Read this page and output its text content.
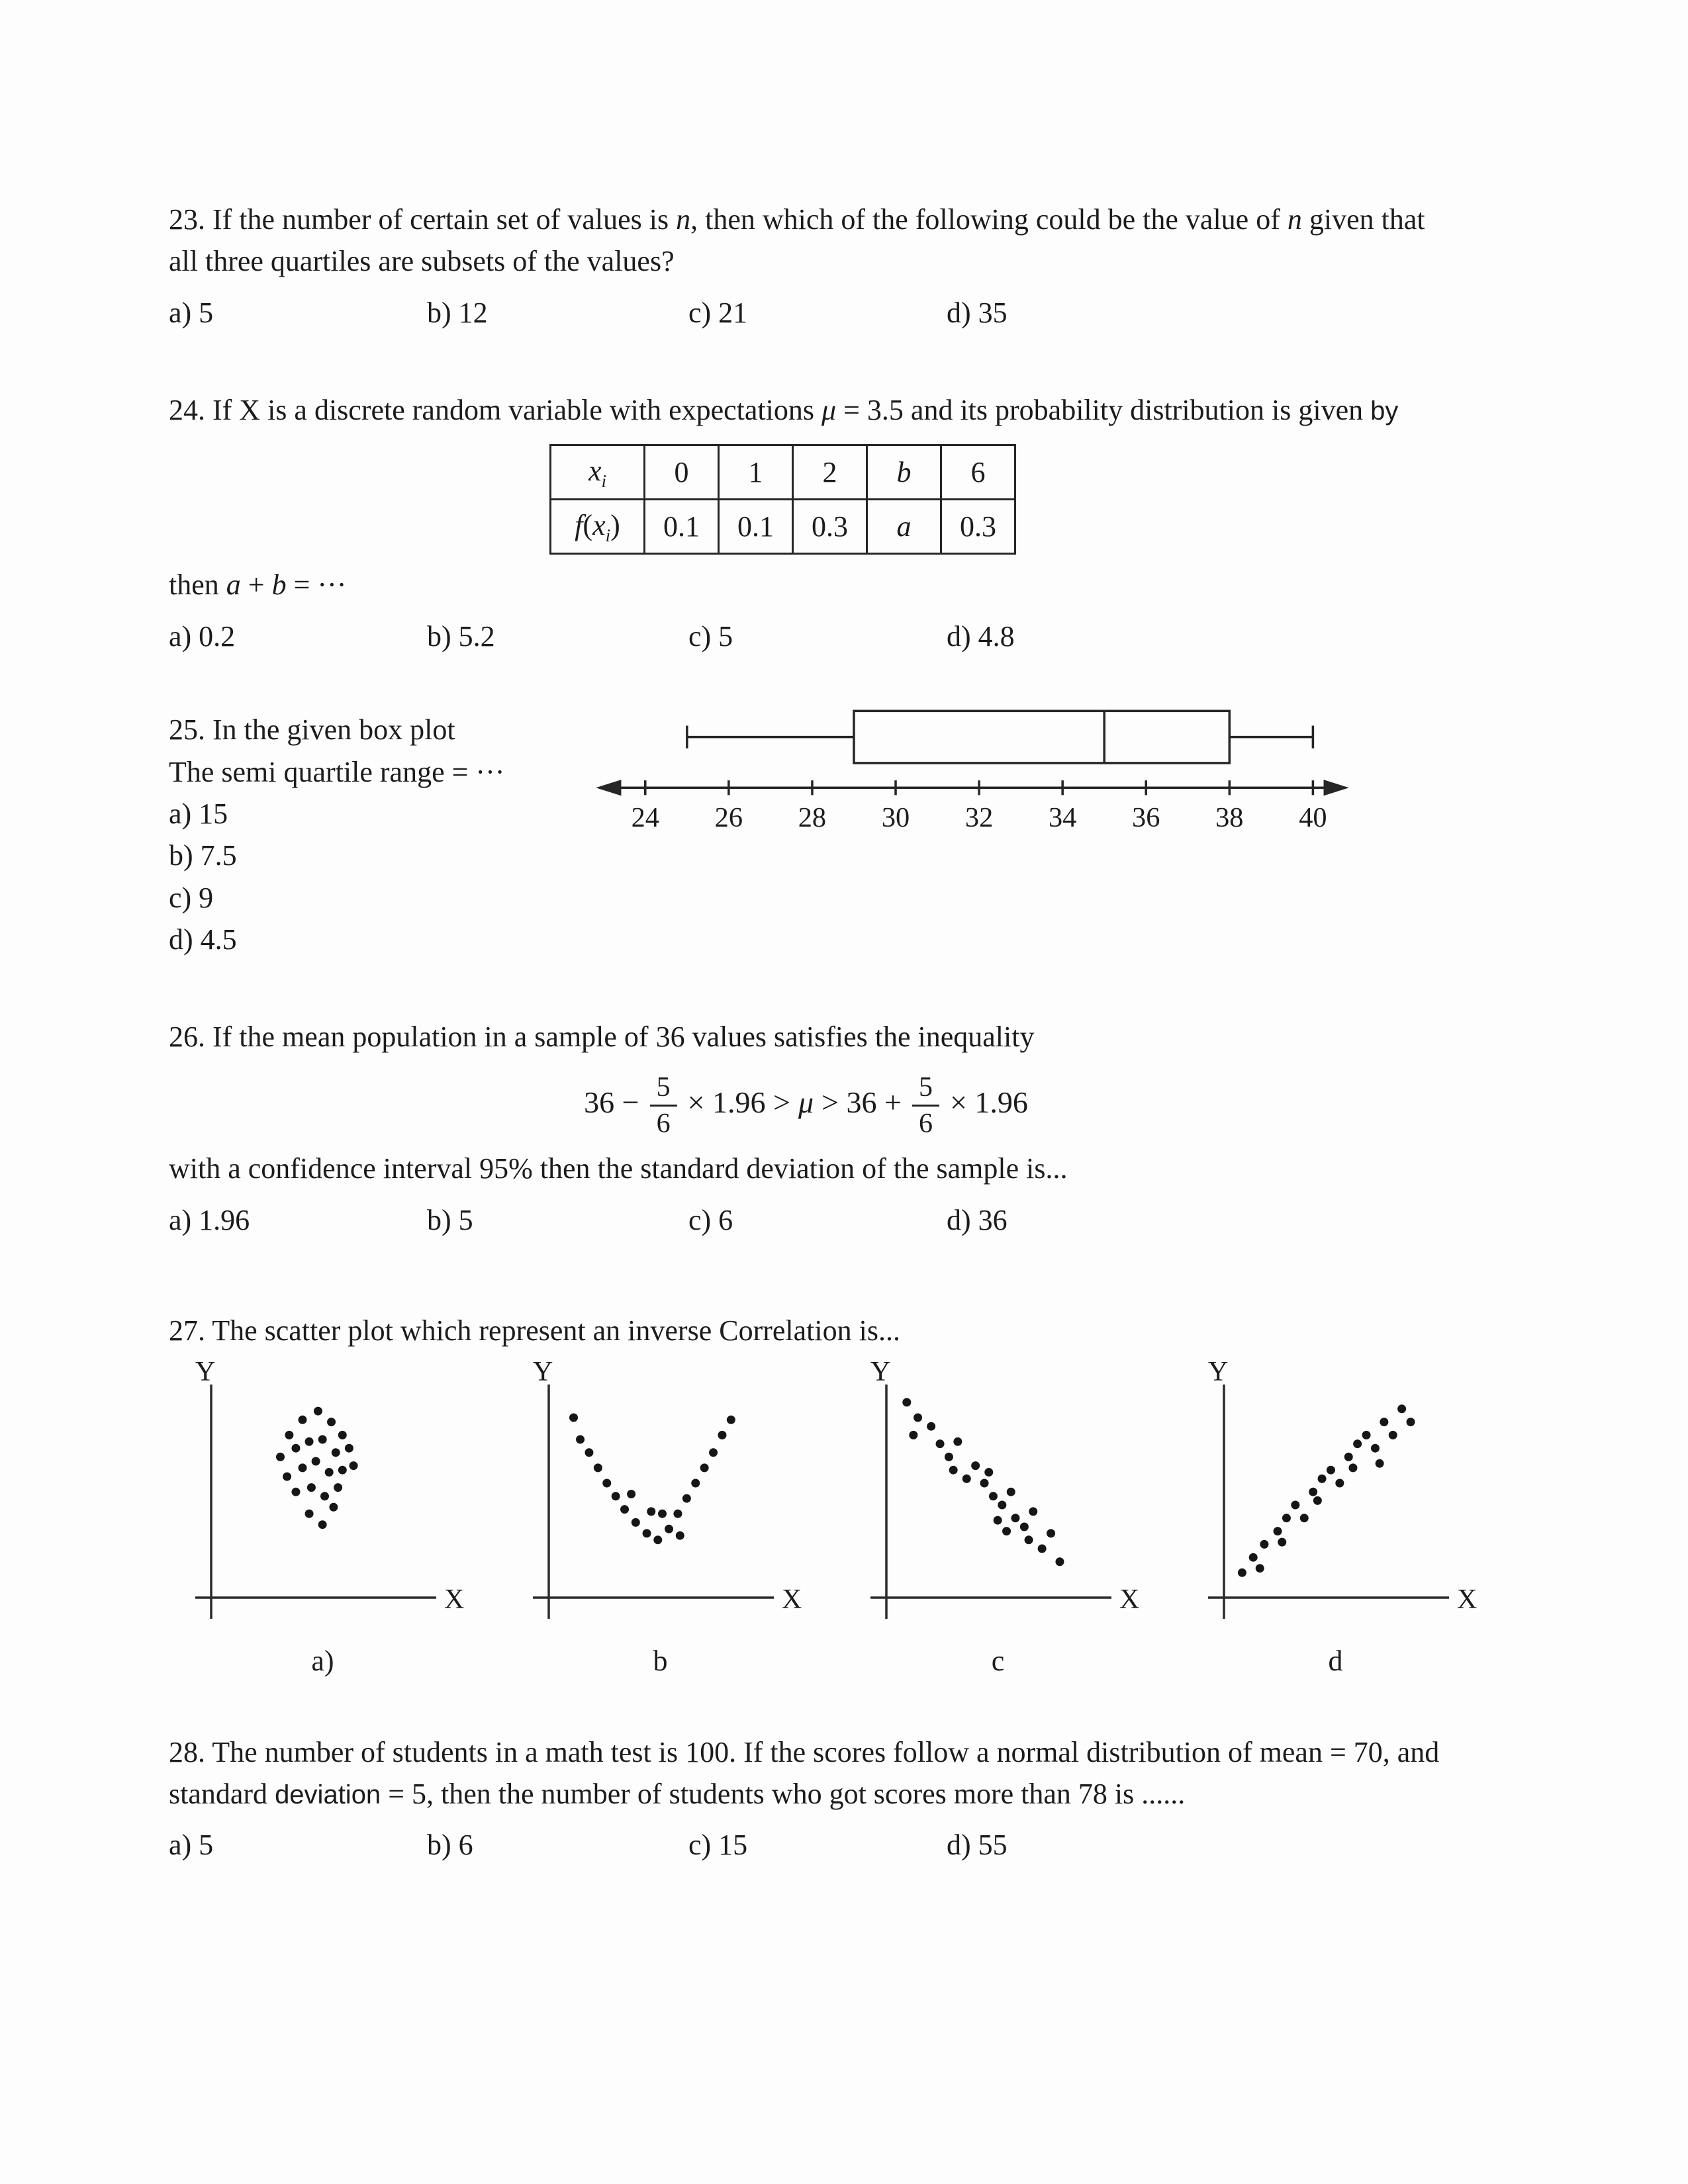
23. If the number of certain set of values is n, then which of the following could be the value of n given that all three quartiles are subsets of the values?

a) 5	b) 12	c) 21	d) 35

24. If X is a discrete random variable with expectations μ = 3.5 and its probability distribution is given by

$x_i$	0	1	2	b	6
$f(x_i)$	0.1	0.1	0.3	a	0.3

then a + b = ···

a) 0.2	b) 5.2	c) 5	d) 4.8

25. In the given box plot

The semi quartile range = ···

a) 15

b) 7.5

c) 9

d) 4.5

24 26 28 30 32 34 36 38 40

26. If the mean population in a sample of 36 values satisfies the inequality

$36 - \frac{5}{6} \times 1.96 > \mu > 36 + \frac{5}{6} \times 1.96$

with a confidence interval 95% then the standard deviation of the sample is...

a) 1.96	b) 5	c) 6	d) 36

27. The scatter plot which represent an inverse Correlation is...

Y
X
a)
Y
X
b
Y
X
c
Y
X
d

28. The number of students in a math test is 100. If the scores follow a normal distribution of mean = 70, and standard deviation = 5, then the number of students who got scores more than 78 is ......

a) 5	b) 6	c) 15	d) 55
